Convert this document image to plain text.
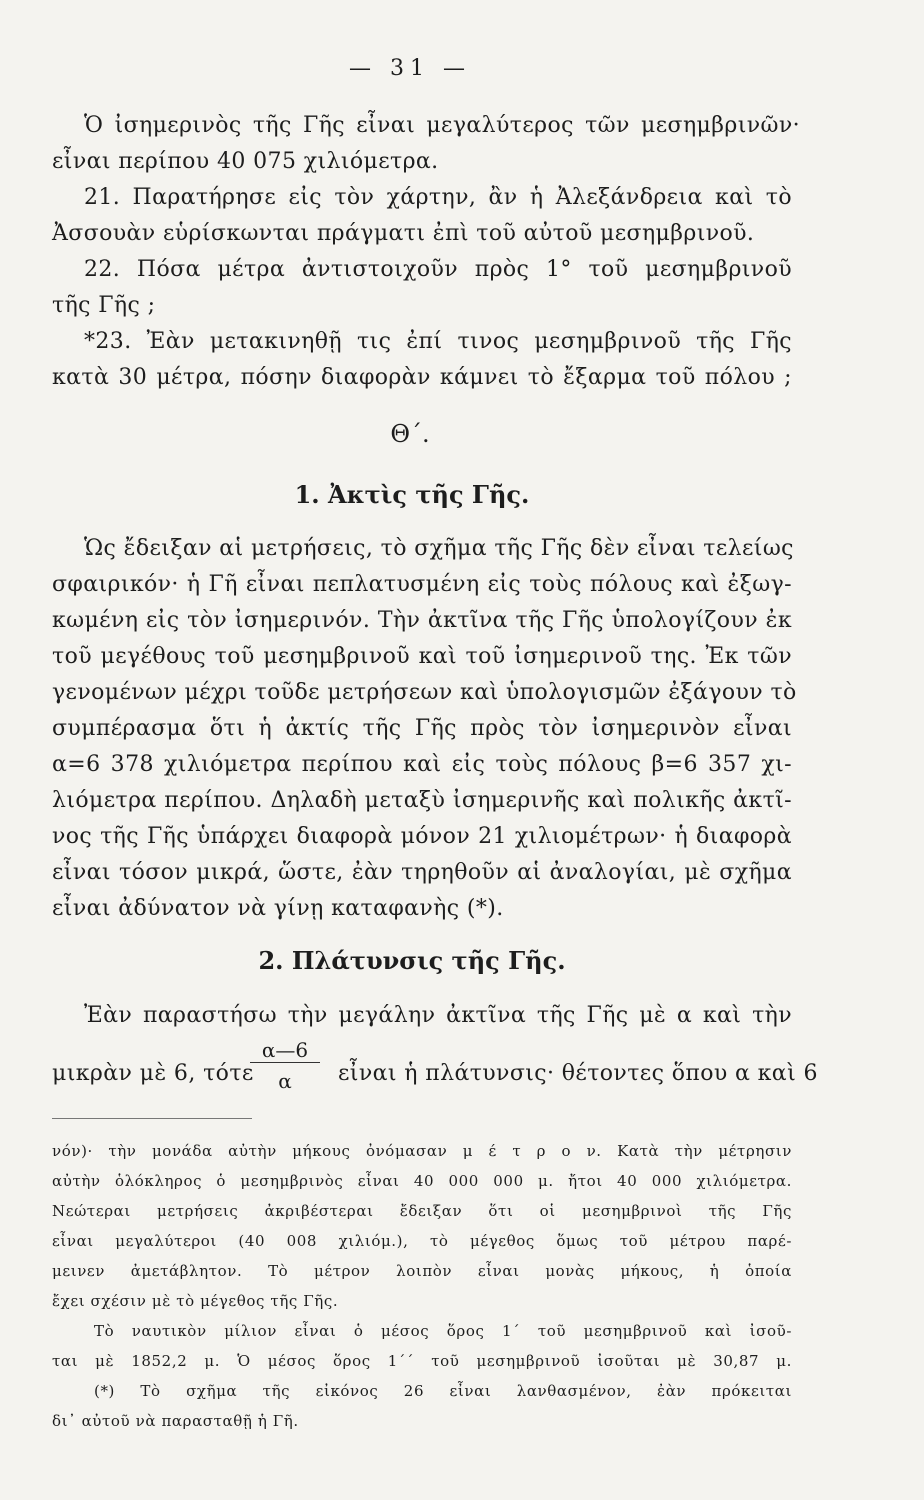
— 31 —
Ὁ ἰσημερινὸς τῆς Γῆς εἶναι μεγαλύτερος τῶν μεσημβρινῶν·
εἶναι περίπου 40 075 χιλιόμετρα.
21. Παρατήρησε εἰς τὸν χάρτην, ἂν ἡ Ἀλεξάνδρεια καὶ τὸ
Ἀσσουὰν εὑρίσκωνται πράγματι ἐπὶ τοῦ αὐτοῦ μεσημβρινοῦ.
22. Πόσα μέτρα ἀντιστοιχοῦν πρὸς 1° τοῦ μεσημβρινοῦ
τῆς Γῆς ;
*23. Ἐὰν μετακινηθῇ τις ἐπί τινος μεσημβρινοῦ τῆς Γῆς
κατὰ 30 μέτρα, πόσην διαφορὰν κάμνει τὸ ἔξαρμα τοῦ πόλου ;
Θ΄.
1. Ἀκτὶς τῆς Γῆς.
Ὡς ἔδειξαν αἱ μετρήσεις, τὸ σχῆμα τῆς Γῆς δὲν εἶναι τελείως
σφαιρικόν· ἡ Γῆ εἶναι πεπλατυσμένη εἰς τοὺς πόλους καὶ ἐξωγ-
κωμένη εἰς τὸν ἰσημερινόν. Τὴν ἀκτῖνα τῆς Γῆς ὑπολογίζουν ἐκ
τοῦ μεγέθους τοῦ μεσημβρινοῦ καὶ τοῦ ἰσημερινοῦ της. Ἐκ τῶν
γενομένων μέχρι τοῦδε μετρήσεων καὶ ὑπολογισμῶν ἐξάγουν τὸ
συμπέρασμα ὅτι ἡ ἀκτίς τῆς Γῆς πρὸς τὸν ἰσημερινὸν εἶναι
α=6 378 χιλιόμετρα περίπου καὶ εἰς τοὺς πόλους β=6 357 χι-
λιόμετρα περίπου. Δηλαδὴ μεταξὺ ἰσημερινῆς καὶ πολικῆς ἀκτῖ-
νος τῆς Γῆς ὑπάρχει διαφορὰ μόνον 21 χιλιομέτρων· ἡ διαφορὰ
εἶναι τόσον μικρά, ὥστε, ἐὰν τηρηθοῦν αἱ ἀναλογίαι, μὲ σχῆμα
εἶναι ἀδύνατον νὰ γίνῃ καταφανὴς (*).
2. Πλάτυνσις τῆς Γῆς.
Ἐὰν παραστήσω τὴν μεγάλην ἀκτῖνα τῆς Γῆς μὲ α καὶ τὴν
μικρὰν μὲ 6, τότε
α—6
α	εἶναι ἡ πλάτυνσις· θέτοντες ὅπου α καὶ 6
νόν)· τὴν μονάδα αὐτὴν μήκους ὀνόμασαν μ έ τ ρ ο ν. Κατὰ τὴν μέτρησιν
αὐτὴν ὁλόκληρος ὁ μεσημβρινὸς εἶναι 40 000 000 μ. ἤτοι 40 000 χιλιόμετρα.
Νεώτεραι μετρήσεις ἀκριβέστεραι ἔδειξαν ὅτι οἱ μεσημβρινοὶ τῆς Γῆς
εἶναι μεγαλύτεροι (40 008 χιλιόμ.), τὸ μέγεθος ὅμως τοῦ μέτρου παρέ-
μεινεν ἀμετάβλητον. Τὸ μέτρον λοιπὸν εἶναι μονὰς μήκους, ἡ ὁποία
ἔχει σχέσιν μὲ τὸ μέγεθος τῆς Γῆς.
Τὸ ναυτικὸν μίλιον εἶναι ὁ μέσος ὅρος 1΄ τοῦ μεσημβρινοῦ καὶ ἰσοῦ-
ται μὲ 1852,2 μ. Ὁ μέσος ὅρος 1΄΄ τοῦ μεσημβρινοῦ ἰσοῦται μὲ 30,87 μ.
(*) Τὸ σχῆμα τῆς εἰκόνος 26 εἶναι λανθασμένον, ἐὰν πρόκειται
δι᾿ αὐτοῦ νὰ παρασταθῇ ἡ Γῆ.
